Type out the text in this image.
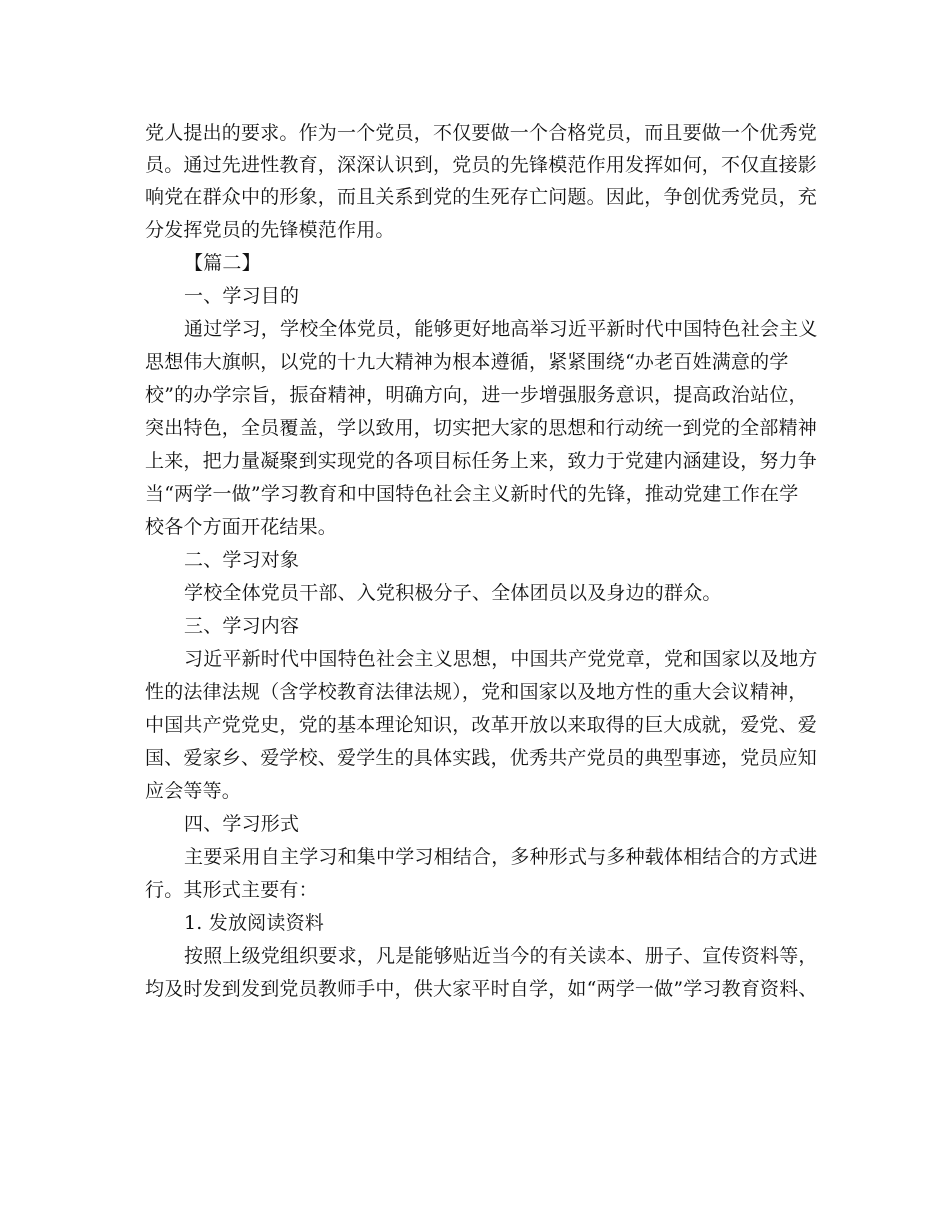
党人提出的要求。作为一个党员，不仅要做一个合格党员，而且要做一个优秀党
员。通过先进性教育，深深认识到，党员的先锋模范作用发挥如何，不仅直接影
响党在群众中的形象，而且关系到党的生死存亡问题。因此，争创优秀党员，充
分发挥党员的先锋模范作用。
【篇二】
一、学习目的
通过学习，学校全体党员，能够更好地高举习近平新时代中国特色社会主义
思想伟大旗帜，以党的十九大精神为根本遵循，紧紧围绕“办老百姓满意的学
校”的办学宗旨，振奋精神，明确方向，进一步增强服务意识，提高政治站位，
突出特色，全员覆盖，学以致用，切实把大家的思想和行动统一到党的全部精神
上来，把力量凝聚到实现党的各项目标任务上来，致力于党建内涵建设，努力争
当“两学一做”学习教育和中国特色社会主义新时代的先锋，推动党建工作在学
校各个方面开花结果。
二、学习对象
学校全体党员干部、入党积极分子、全体团员以及身边的群众。
三、学习内容
习近平新时代中国特色社会主义思想，中国共产党党章，党和国家以及地方
性的法律法规（含学校教育法律法规），党和国家以及地方性的重大会议精神，
中国共产党党史，党的基本理论知识，改革开放以来取得的巨大成就，爱党、爱
国、爱家乡、爱学校、爱学生的具体实践，优秀共产党员的典型事迹，党员应知
应会等等。
四、学习形式
主要采用自主学习和集中学习相结合，多种形式与多种载体相结合的方式进
行。其形式主要有：
1. 发放阅读资料
按照上级党组织要求，凡是能够贴近当今的有关读本、册子、宣传资料等，
均及时发到发到党员教师手中，供大家平时自学，如“两学一做”学习教育资料、
